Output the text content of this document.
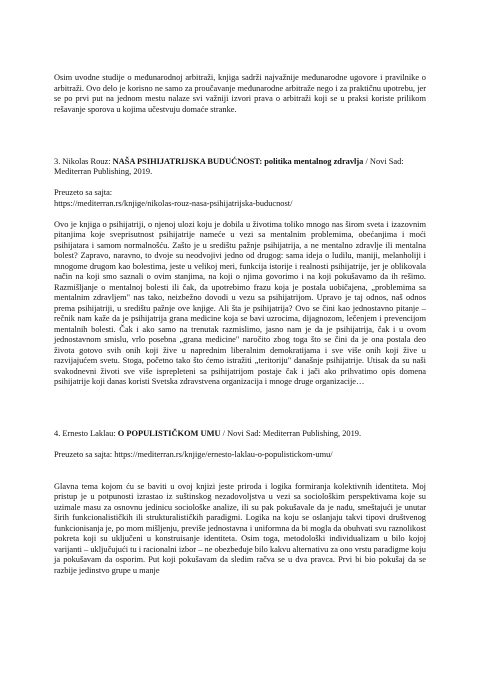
Osim uvodne studije o međunarodnoj arbitraži, knjiga sadrži najvažnije međunarodne ugovore i pravilnike o arbitraži. Ovo delo je korisno ne samo za proučavanje međunarodne arbitraže nego i za praktičnu upotrebu, jer se po prvi put na jednom mestu nalaze svi važniji izvori prava o arbitraži koji se u praksi koriste prilikom rešavanje sporova u kojima učestvuju domaće stranke.

3. Nikolas Rouz: NAŠA PSIHIJATRIJSKA BUDUĆNOST: politika mentalnog zdravlja / Novi Sad: Mediterran Publishing, 2019.

Preuzeto sa sajta:

https://mediterran.rs/knjige/nikolas-rouz-nasa-psihijatrijska-buducnost/

Ovo je knjiga o psihijatriji, o njenoj ulozi koju je dobila u životima toliko mnogo nas širom sveta i izazovnim pitanjima koje sveprisutnost psihijatrije nameće u vezi sa mentalnim problemima, obećanjima i moći psihijatara i samom normalnošću. Zašto je u središtu pažnje psihijatrija, a ne mentalno zdravlje ili mentalna bolest? Zapravo, naravno, to dvoje su neodvojivi jedno od drugog: sama ideja o ludilu, maniji, melanholiji i mnogome drugom kao bolestima, jeste u velikoj meri, funkcija istorije i realnosti psihijatrije, jer je oblikovala način na koji smo saznali o ovim stanjima, na koji o njima govorimo i na koji pokušavamo da ih rešimo. Razmišljanje o mentalnoj bolesti ili čak, da upotrebimo frazu koja je postala uobičajena, „problemima sa mentalnim zdravljem" nas tako, neizbežno dovodi u vezu sa psihijatrijom. Upravo je taj odnos, naš odnos prema psihijatriji, u središtu pažnje ove knjige. Ali šta je psihijatrija? Ovo se čini kao jednostavno pitanje – rečnik nam kaže da je psihijatrija grana medicine koja se bavi uzrocima, dijagnozom, lečenjem i prevencijom mentalnih bolesti. Čak i ako samo na trenutak razmislimo, jasno nam je da je psihijatrija, čak i u ovom jednostavnom smislu, vrlo posebna „grana medicine" naročito zbog toga što se čini da je ona postala deo života gotovo svih onih koji žive u naprednim liberalnim demokratijama i sve više onih koji žive u razvijajućem svetu. Stoga, početno tako što ćemo istražiti „teritoriju" današnje psihijatrije. Utisak da su naši svakodnevni životi sve više isprepleteni sa psihijatrijom postaje čak i jači ako prihvatimo opis domena psihijatrije koji danas koristi Svetska zdravstvena organizacija i mnoge druge organizacije…

4. Ernesto Laklau: O POPULISTIČKOM UMU / Novi Sad: Mediterran Publishing, 2019.

Preuzeto sa sajta: https://mediterran.rs/knjige/ernesto-laklau-o-populistickom-umu/

Glavna tema kojom ću se baviti u ovoj knjizi jeste priroda i logika formiranja kolektivnih identiteta. Moj pristup je u potpunosti izrastao iz suštinskog nezadovoljstva u vezi sa sociološkim perspektivama koje su uzimale masu za osnovnu jedinicu sociološke analize, ili su pak pokušavale da je nađu, smeštajući je unutar širih funkcionalističkih ili strukturalističkih paradigmi. Logika na koju se oslanjaju takvi tipovi društvenog funkcionisanja je, po mom mišljenju, previše jednostavna i uniformna da bi mogla da obuhvati svu raznolikost pokreta koji su uključeni u konstruisanje identiteta. Osim toga, metodološki individualizam u bilo kojoj varijanti – uključujući tu i racionalni izbor – ne obezbeđuje bilo kakvu alternativu za ono vrstu paradigme koju ja pokušavam da osporim. Put koji pokušavam da sledim račva se u dva pravca. Prvi bi bio pokušaj da se razbije jedinstvo grupe u manje
